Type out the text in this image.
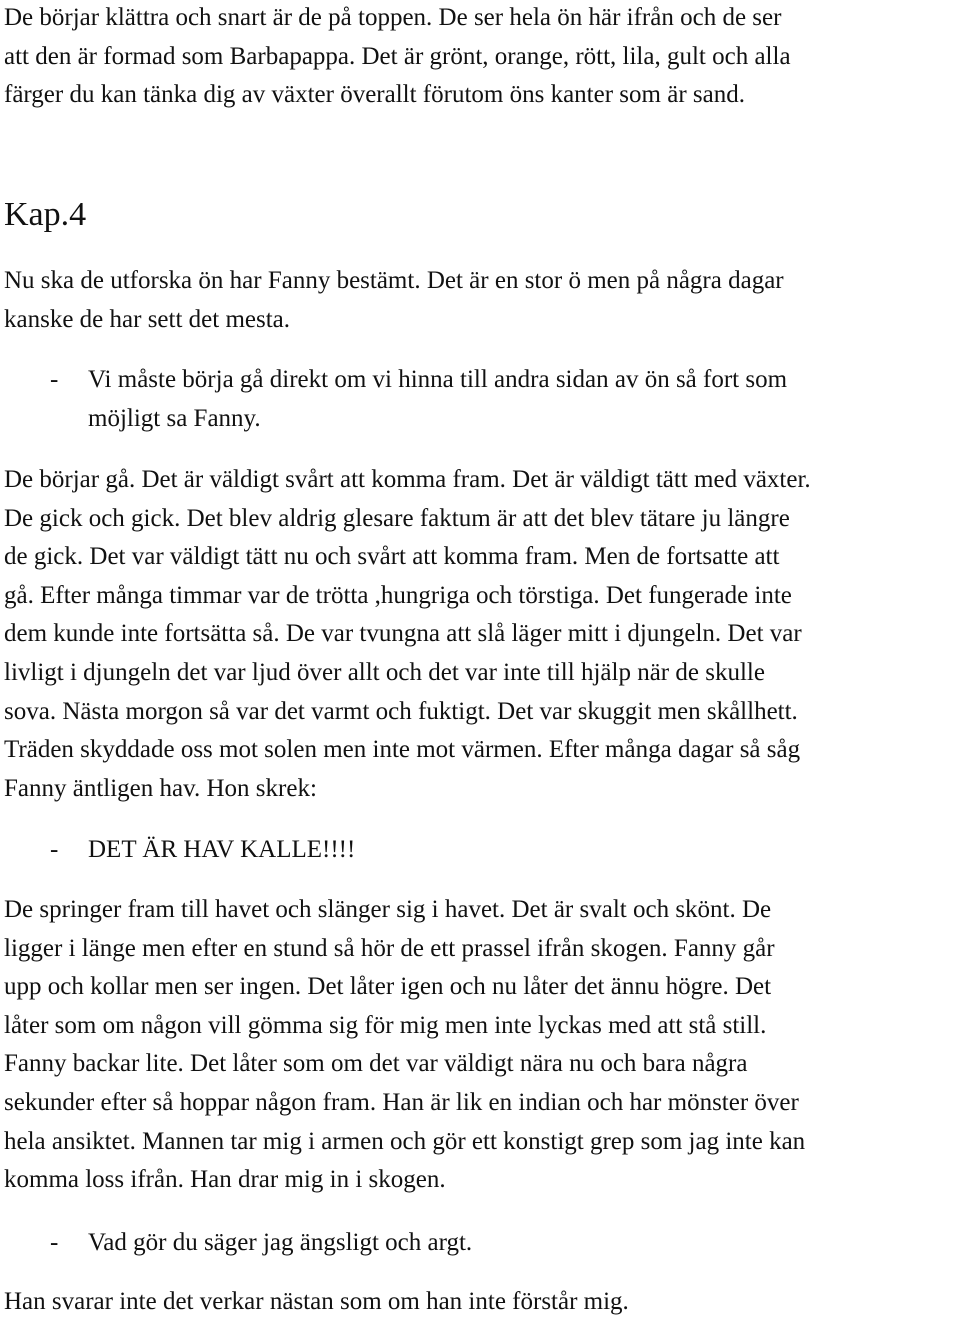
De börjar klättra och snart är de på toppen. De ser hela ön här ifrån och de ser
att den är formad som Barbapappa. Det är grönt, orange, rött, lila, gult och alla
färger du kan tänka dig av växter överallt förutom öns kanter som är sand.

Kap.4

Nu ska de utforska ön har Fanny bestämt. Det är en stor ö men på några dagar
kanske de har sett det mesta.

- Vi måste börja gå direkt om vi hinna till andra sidan av ön så fort som
möjligt sa Fanny.

De börjar gå. Det är väldigt svårt att komma fram. Det är väldigt tätt med växter.
De gick och gick. Det blev aldrig glesare faktum är att det blev tätare ju längre
de gick. Det var väldigt tätt nu och svårt att komma fram. Men de fortsatte att
gå. Efter många timmar var de trötta ,hungriga och törstiga. Det fungerade inte
dem kunde inte fortsätta så. De var tvungna att slå läger mitt i djungeln. Det var
livligt i djungeln det var ljud över allt och det var inte till hjälp när de skulle
sova. Nästa morgon så var det varmt och fuktigt. Det var skuggit men skållhett.
Träden skyddade oss mot solen men inte mot värmen. Efter många dagar så såg
Fanny äntligen hav. Hon skrek:

- DET ÄR HAV KALLE!!!!

De springer fram till havet och slänger sig i havet. Det är svalt och skönt. De
ligger i länge men efter en stund så hör de ett prassel ifrån skogen. Fanny går
upp och kollar men ser ingen. Det låter igen och nu låter det ännu högre. Det
låter som om någon vill gömma sig för mig men inte lyckas med att stå still.
Fanny backar lite. Det låter som om det var väldigt nära nu och bara några
sekunder efter så hoppar någon fram. Han är lik en indian och har mönster över
hela ansiktet. Mannen tar mig i armen och gör ett konstigt grep som jag inte kan
komma loss ifrån. Han drar mig in i skogen.

- Vad gör du säger jag ängsligt och argt.

Han svarar inte det verkar nästan som om han inte förstår mig.
